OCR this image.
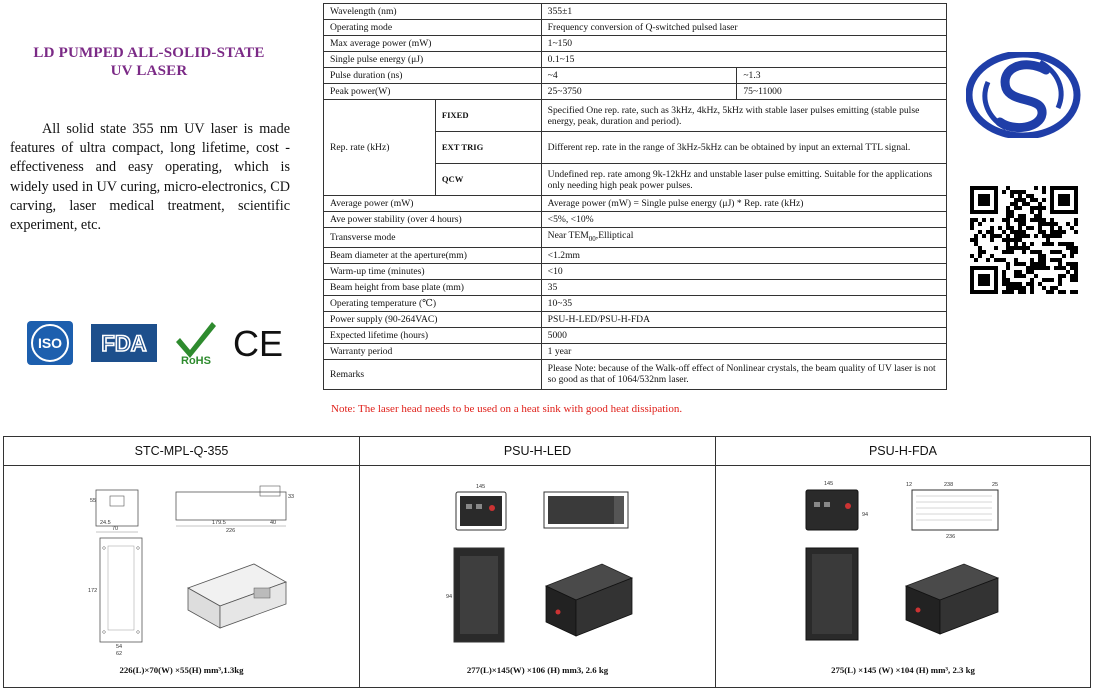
LD PUMPED ALL-SOLID-STATE
UV LASER
All solid state 355 nm UV laser is made features of ultra compact, long lifetime, cost -effectiveness and easy operating, which is widely used in UV curing, micro-electronics, CD carving, laser medical treatment, scientific experiment, etc.
ISO FDA
RoHS CE
Wavelength (nm)		355±1	
Operating mode		Frequency conversion of Q-switched pulsed laser	
Max average power (mW)		1~150	
Single pulse energy (μJ)		0.1~15	
Pulse duration (ns)		~4	~1.3
Peak power(W)		25~3750	75~11000
Rep. rate (kHz)	FIXED	Specified One rep. rate, such as 3kHz, 4kHz, 5kHz with stable laser pulses emitting (stable pulse energy, peak, duration and period).	
	EXT TRIG	Different rep. rate in the range of 3kHz-5kHz can be obtained by input an external TTL signal.	
	QCW	Undefined rep. rate among 9k-12kHz and unstable laser pulse emitting. Suitable for the applications only needing high peak power pulses.	
Average power (mW)		Average power (mW) = Single pulse energy (μJ) * Rep. rate (kHz)	
Ave power stability (over 4 hours)		<5%, <10%	
Transverse mode		Near $TEM_{00},Elliptical$	
Beam diameter at the aperture(mm)		<1.2mm	
Warm-up time (minutes)		<10	
Beam height from base plate (mm)		35	
Operating temperature (℃)		10~35	
Power supply (90-264VAC)		PSU-H-LED/PSU-H-FDA	
Expected lifetime (hours)		5000	
Warranty period		1 year	
Remarks		Please Note: because of the Walk-off effect of Nonlinear crystals, the beam quality of UV laser is not so good as that of 1064/532nm laser.	
Note: The laser head needs to be used on a heat sink with good heat dissipation.
STC-MPL-Q-355
24.5
70
55
179.5	40
226
33
172
54
62
226(L)×70(W) ×55(H) mm³,1.3kg
PSU-H-LED
145
94
277(L)×145(W) ×106 (H) mm3, 2.6 kg
PSU-H-FDA
145
94
12	238	25
236
275(L) ×145 (W) ×104 (H) mm³, 2.3 kg
